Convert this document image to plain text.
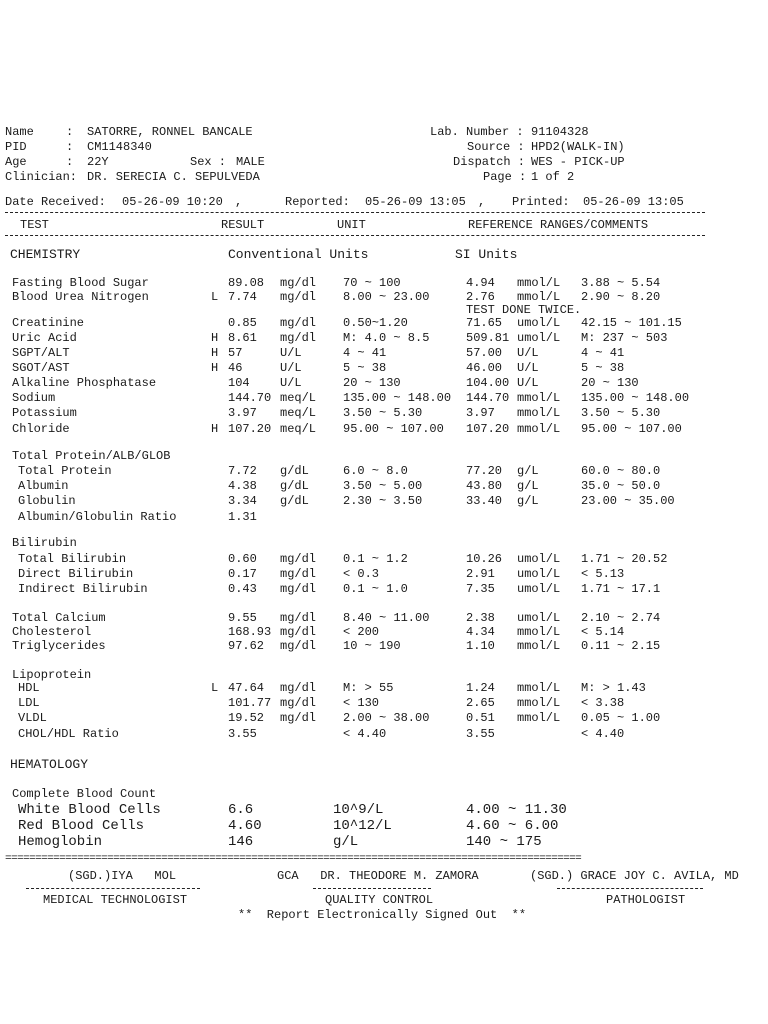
Name	: SATORRE, RONNEL BANCALE
PID	: CM1148340
Age	: 22Y	Sex : MALE
Clinician: DR. SERECIA C. SEPULVEDA
Lab. Number : 91104328
Source : HPD2(WALK-IN)
Dispatch : WES - PICK-UP
Page : 1 of 2
Date Received: 05-26-09 10:20 ,	Reported: 05-26-09 13:05 , Printed: 05-26-09 13:05
TEST	RESULT	UNIT	REFERENCE RANGES/COMMENTS
CHEMISTRY	Conventional Units	SI Units
Fasting Blood Sugar	89.08 mg/dl 70 ~ 100	4.94 mmol/L 3.88 ~ 5.54
Blood Urea Nitrogen	L 7.74 mg/dl 8.00 ~ 23.00	2.76 mmol/L 2.90 ~ 8.20
Creatinine	0.85 mg/dl 0.50~1.20	71.65 umol/L 42.15 ~ 101.15
Uric Acid	H 8.61 mg/dl M: 4.0 ~ 8.5	509.81 umol/L M: 237 ~ 503
SGPT/ALT	H 57	U/L	4 ~ 41	57.00 U/L	4 ~ 41
SGOT/AST	H 46	U/L	5 ~ 38	46.00 U/L	5 ~ 38
Alkaline Phosphatase	104	U/L	20 ~ 130	104.00 U/L	20 ~ 130
Sodium	144.70 meq/L 135.00 ~ 148.00 144.70 mmol/L 135.00 ~ 148.00
Potassium	3.97 meq/L 3.50 ~ 5.30	3.97 mmol/L 3.50 ~ 5.30
Chloride	H 107.20 meq/L 95.00 ~ 107.00 107.20 mmol/L 95.00 ~ 107.00
TEST DONE TWICE.
Total Protein/ALB/GLOB
Total Protein	7.72 g/dL	6.0 ~ 8.0	77.20 g/L	60.0 ~ 80.0
Albumin	4.38 g/dL	3.50 ~ 5.00	43.80 g/L	35.0 ~ 50.0
Globulin	3.34 g/dL	2.30 ~ 3.50	33.40 g/L	23.00 ~ 35.00
Albumin/Globulin Ratio	1.31
Bilirubin
Total Bilirubin	0.60 mg/dl 0.1 ~ 1.2	10.26 umol/L 1.71 ~ 20.52
Direct Bilirubin	0.17 mg/dl < 0.3	2.91 umol/L < 5.13
Indirect Bilirubin	0.43 mg/dl 0.1 ~ 1.0	7.35 umol/L 1.71 ~ 17.1
Total Calcium	9.55 mg/dl 8.40 ~ 11.00	2.38 umol/L 2.10 ~ 2.74
Cholesterol	168.93 mg/dl < 200	4.34 mmol/L < 5.14
Triglycerides	97.62 mg/dl 10 ~ 190	1.10 mmol/L 0.11 ~ 2.15
Lipoprotein
HDL	L 47.64 mg/dl M: > 55	1.24 mmol/L M: > 1.43
LDL	101.77 mg/dl < 130	2.65 mmol/L < 3.38
VLDL	19.52 mg/dl 2.00 ~ 38.00	0.51 mmol/L 0.05 ~ 1.00
CHOL/HDL Ratio	3.55	< 4.40	3.55	< 4.40
HEMATOLOGY
Complete Blood Count
White Blood Cells	6.6	10^9/L	4.00 ~ 11.30
Red Blood Cells	4.60	10^12/L	4.60 ~ 6.00
Hemoglobin	146	g/L	140 ~ 175
================================================================================================
(SGD.)IYA   MOL	GCA   DR. THEODORE M. ZAMORA	(SGD.) GRACE JOY C. AVILA, MD
MEDICAL TECHNOLOGIST	QUALITY CONTROL	PATHOLOGIST
**  Report Electronically Signed Out  **
